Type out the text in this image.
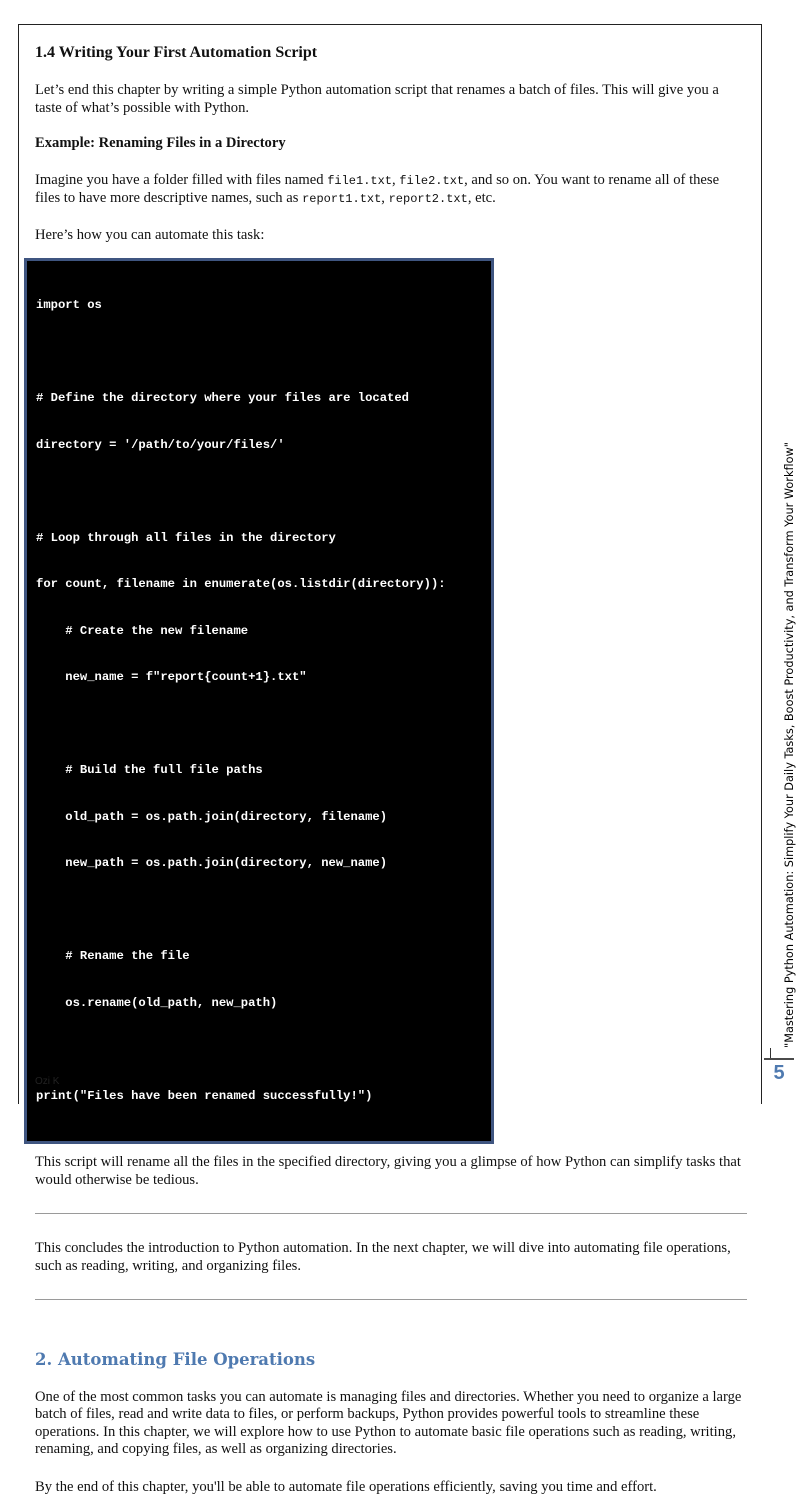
1.4 Writing Your First Automation Script

Let’s end this chapter by writing a simple Python automation script that renames a batch of files. This will give you a taste of what’s possible with Python.

Example: Renaming Files in a Directory

Imagine you have a folder filled with files named file1.txt, file2.txt, and so on. You want to rename all of these files to have more descriptive names, such as report1.txt, report2.txt, etc.

Here’s how you can automate this task:

import os

# Define the directory where your files are located

directory = '/path/to/your/files/'

# Loop through all files in the directory

for count, filename in enumerate(os.listdir(directory)):

# Create the new filename

new_name = f"report{count+1}.txt"

# Build the full file paths

old_path = os.path.join(directory, filename)

new_path = os.path.join(directory, new_name)

# Rename the file

os.rename(old_path, new_path)

print("Files have been renamed successfully!")

This script will rename all the files in the specified directory, giving you a glimpse of how Python can simplify tasks that would otherwise be tedious.

This concludes the introduction to Python automation. In the next chapter, we will dive into automating file operations, such as reading, writing, and organizing files.

2. Automating File Operations

One of the most common tasks you can automate is managing files and directories. Whether you need to organize a large batch of files, read and write data to files, or perform backups, Python provides powerful tools to streamline these operations. In this chapter, we will explore how to use Python to automate basic file operations such as reading, writing, renaming, and copying files, as well as organizing directories.

By the end of this chapter, you'll be able to automate file operations efficiently, saving you time and effort.

"Mastering Python Automation: Simplify Your Daily Tasks, Boost Productivity, and Transform Your Workflow"
5
Ozi K
